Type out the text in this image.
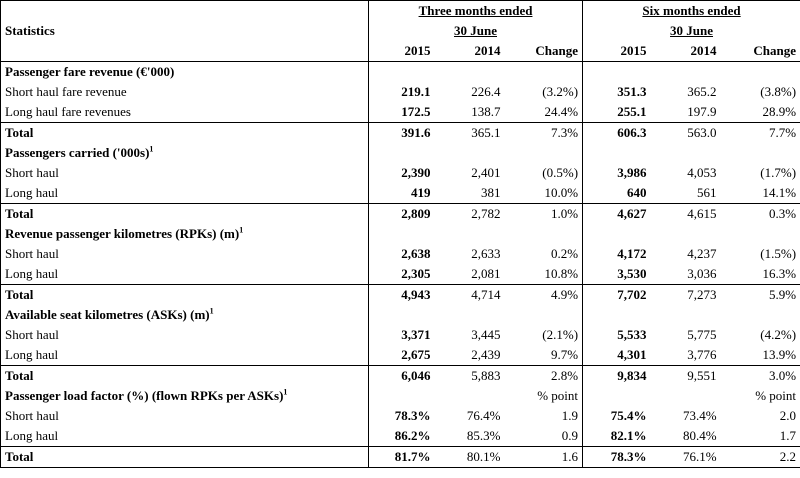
Statistics	Three months ended			Six months ended		
	30 June			30 June		
	2015	2014	Change	2015	2014	Change
Passenger fare revenue (€'000)						
Short haul fare revenue	219.1	226.4	(3.2%)	351.3	365.2	(3.8%)
Long haul fare revenues	172.5	138.7	24.4%	255.1	197.9	28.9%
Total	391.6	365.1	7.3%	606.3	563.0	7.7%
Passengers carried $('000s)^1$						
Short haul	2,390	2,401	(0.5%)	3,986	4,053	(1.7%)
Long haul	419	381	10.0%	640	561	14.1%
Total	2,809	2,782	1.0%	4,627	4,615	0.3%
Revenue passenger kilometres (RPKs) $(m)^1$						
Short haul	2,638	2,633	0.2%	4,172	4,237	(1.5%)
Long haul	2,305	2,081	10.8%	3,530	3,036	16.3%
Total	4,943	4,714	4.9%	7,702	7,273	5.9%
Available seat kilometres (ASKs) $(m)^1$						
Short haul	3,371	3,445	(2.1%)	5,533	5,775	(4.2%)
Long haul	2,675	2,439	9.7%	4,301	3,776	13.9%
Total	6,046	5,883	2.8%	9,834	9,551	3.0%
Passenger load factor (%) (flown RPKs per ASKs)$^1$			% point			% point
Short haul	78.3%	76.4%	1.9	75.4%	73.4%	2.0
Long haul	86.2%	85.3%	0.9	82.1%	80.4%	1.7
Total	81.7%	80.1%	1.6	78.3%	76.1%	2.2
